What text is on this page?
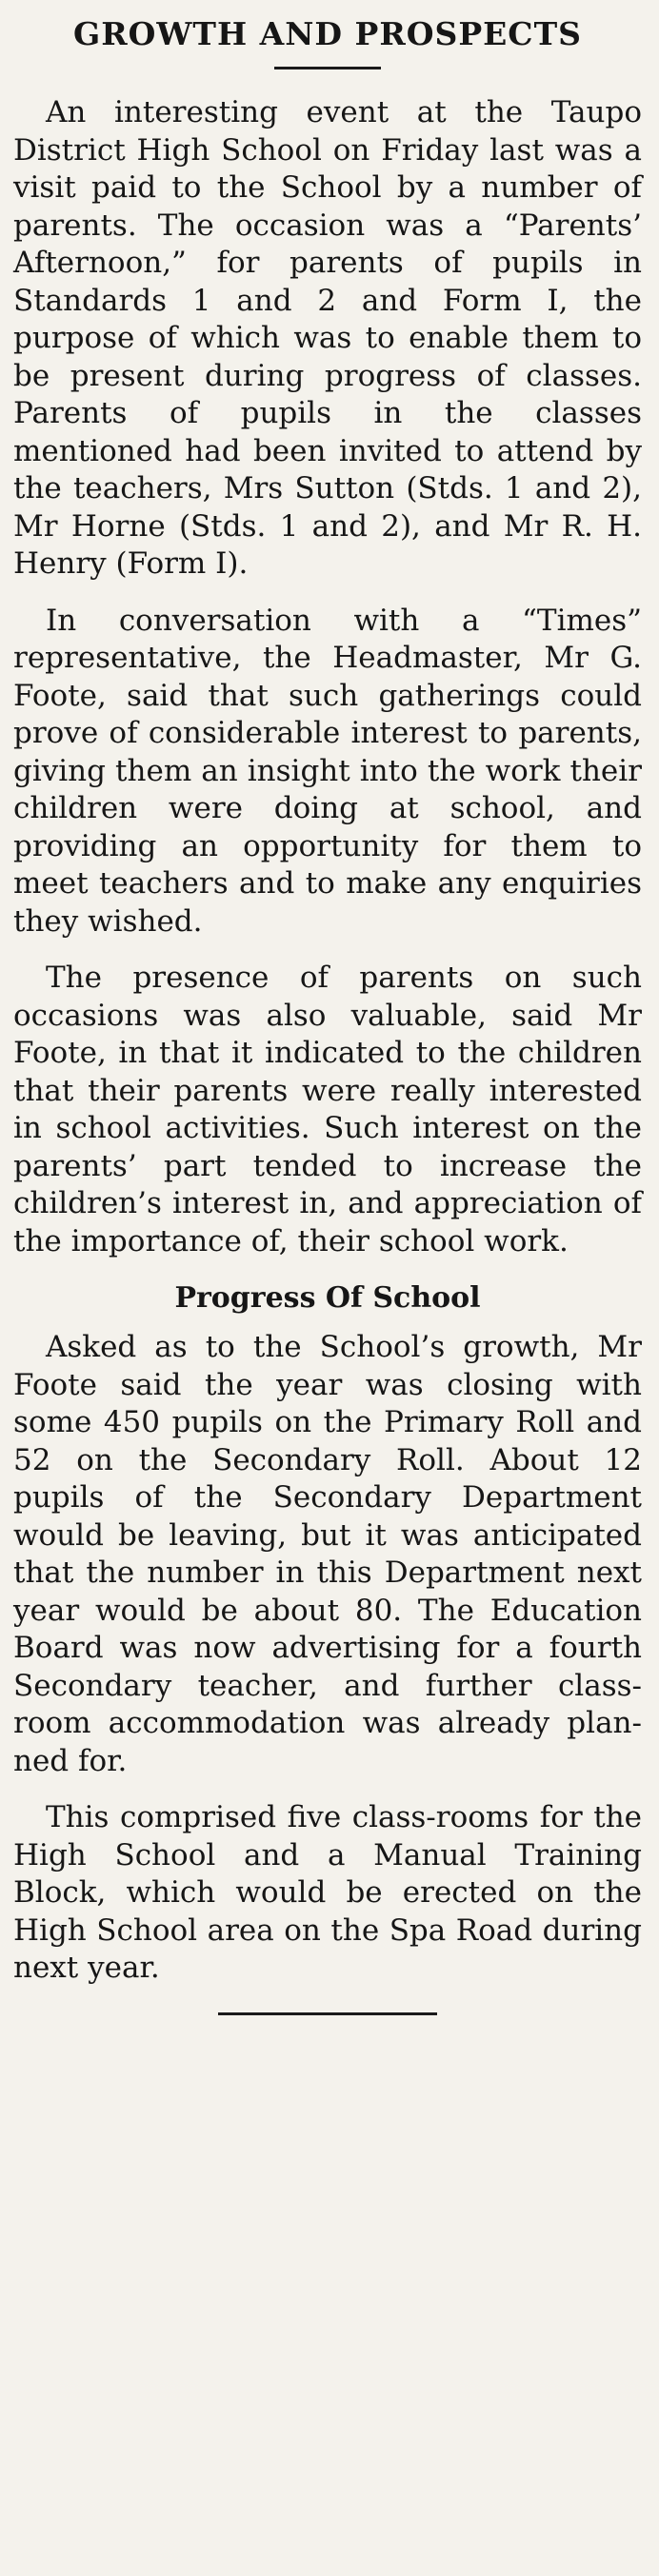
GROWTH AND PROSPECTS

An interesting event at the Taupo District High School on Friday last was a visit paid to the School by a number of parents. The occasion was a “Parents’ Afternoon,” for parents of pupils in Standards 1 and 2 and Form I, the purpose of which was to enable them to be present during progress of classes. Parents of pupils in the classes mentioned had been invited to attend by the teachers, Mrs Sutton (Stds. 1 and 2), Mr Horne (Stds. 1 and 2), and Mr R. H. Henry (Form I).

In conversation with a “Times” representative, the Headmaster, Mr G. Foote, said that such gatherings could prove of considerable interest to parents, giving them an insight into the work their children were doing at school, and providing an opportunity for them to meet teachers and to make any enquiries they wished.

The presence of parents on such occasions was also valuable, said Mr Foote, in that it indicated to the children that their parents were really interested in school activities. Such interest on the parents’ part tended to increase the children’s interest in, and appreciation of the importance of, their school work.

Progress Of School

Asked as to the School’s growth, Mr Foote said the year was closing with some 450 pupils on the Primary Roll and 52 on the Secondary Roll. About 12 pupils of the Secondary Department would be leaving, but it was anticipated that the number in this Department next year would be about 80. The Education Board was now advertising for a fourth Secondary teacher, and further class-room accommodation was already planned for.

This comprised five class-rooms for the High School and a Manual Training Block, which would be erected on the High School area on the Spa Road during next year.
